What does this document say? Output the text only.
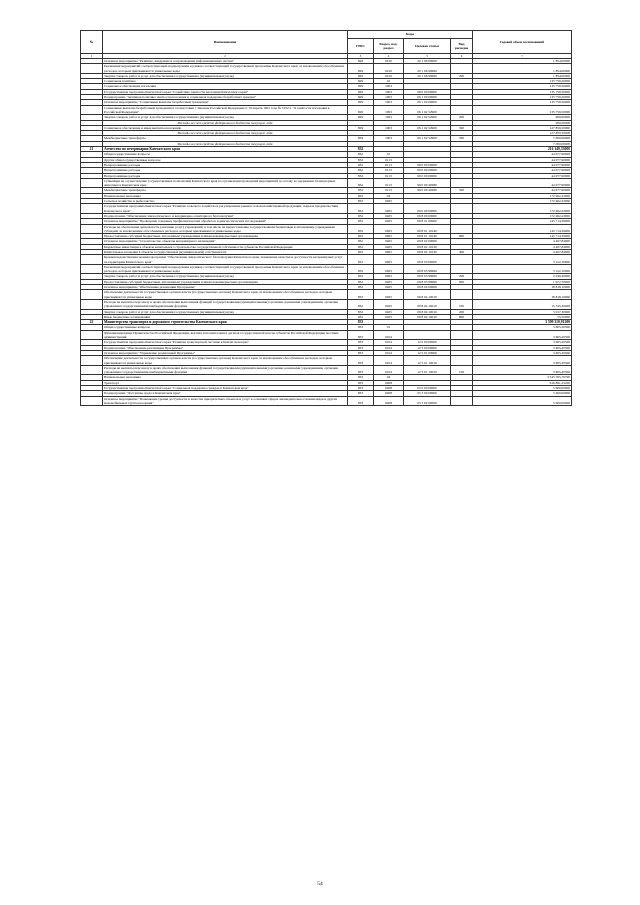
№	Наименование	Коды				Годовой объем ассигнований
		ГРБС	Раздел, под-раздел	Целевая статья	Вид расходов	
1	2	3	4	5	6	7
	Основное мероприятие "Развитие, внедрение и сопровождение информационных систем"	829	0410	20 1 06 00000		1 854,00000
	Реализация мероприятий соответствующей подпрограммы в рамках соответствующей государственной программы Камчатского края, за исключением обособленных расходов, которым присваиваются уникальные коды	829	0410	20 1 06 99990		1 854,00000
	Закупка товаров, работ и услуг для обеспечения государственных (муниципальных) нужд	829	0410	20 1 06 99990	200	1 854,00000
	Социальная политика	829	10			135 759,50000
	Социальное обеспечение населения	829	1003			135 759,50000
	Государственная программа Камчатского края "Содействие занятости населения Камчатского края"	829	1003	06 0 00 00000		135 759,50000
	Подпрограмма "Активная политика занятости населения и социальная поддержка безработных граждан"	829	1003	06 1 00 00000		135 759,50000
	Основное мероприятие "Социальные выплаты безработным гражданам"	829	1003	06 1 02 00000		135 759,50000
	Социальные выплаты безработным гражданам в соответствии с Законом Российской Федерации от 19 апреля 1991 года № 1032-1 "О занятости населения в Российской Федерации"	829	1003	06 1 02 52900		135 759,50000
	Закупка товаров, работ и услуг для обеспечения государственных (муниципальных) нужд	829	1003	06 1 02 52900	200	900,00000
	Расходы за счет средств федерального бюджета текущего года					900,00000
	Социальное обеспечение и иные выплаты населению	829	1003	06 1 02 52900	300	127 859,50000
	Расходы за счет средств федерального бюджета текущего года					127 859,50000
	Межбюджетные трансферты	829	1003	06 1 02 52900	500	7 000,00000
	Расходы за счет средств федерального бюджета текущего года					7 000,00000
21	Агентство по ветеринарии Камчатского края	832				216 140,33000
	Общегосударственные вопросы	832	01			44 077,90000
	Другие общегосударственные вопросы	832	0113			44 077,90000
	Непрограммные расходы	832	0113	99 0 00 00000		44 077,90000
	Непрограммные расходы	832	0113	99 0 00 00000		44 077,90000
	Непрограммные расходы	832	0113	99 0 00 00000		44 077,90000
	Субвенции на осуществление государственных полномочий Камчатского края по организации проведения мероприятий по отлову и содержанию безнадзорных животных в Камчатском крае	832	0113	99 0 00 40280		44 077,90000
	Межбюджетные трансферты	832	0113	99 0 00 40280	500	44 077,90000
	Национальная экономика	832	04			172 062,43000
	Сельское хозяйство и рыболовство	832	0405			172 062,43000
	Государственная программа Камчатского края "Развитие сельского хозяйства и регулирование рынков сельскохозяйственной продукции, сырья и продовольствия Камчатского края"	832	0405	09 0 00 00000		172 062,43000
	Подпрограмма "Обеспечение эпизоотического и ветеринарно-санитарного благополучия"	832	0405	09 8 00 00000		172 062,43000
	Основное мероприятие "Проведение плановых профилактических обработок и диагностических исследований"	832	0405	09 8 01 00000		145 714,39000
	Расходы на обеспечение деятельности (оказание услуг) учреждений, в том числе на предоставление государственным бюджетным и автономным учреждениям субсидий, за исключением обособленных расходов, которым присваиваются уникальные коды	832	0405	09 8 01 10140		145 714,39000
	Предоставление субсидий бюджетным, автономным учреждениям и иным некоммерческим организациям	832	0405	09 8 01 10140	600	145 714,39000
	Основное мероприятие "Строительство объектов ветеринарного назначения"	832	0405	09 8 02 00000		4 407,84000
	Бюджетные инвестиции в объекты капитального строительства государственной собственности субъектов Российской Федерации	832	0405	09 8 02 10130		4 407,84000
	Капитальные вложения в объекты государственной (муниципальной) собственности	832	0405	09 8 02 10130	400	4 407,84000
	Краевая ведомственная целевая программа "Обеспечение эпизоотического благополучия Камчатского края, повышение качества и доступности ветеринарных услуг на территории Камчатского края"	832	0405	09 8 03 00000		3 122,10000
	Реализация мероприятий соответствующей подпрограммы в рамках соответствующей государственной программы Камчатского края, за исключением обособленных расходов, которым присваиваются уникальные коды	832	0405	09 8 03 99990		3 122,10000
	Закупка товаров, работ и услуг для обеспечения государственных (муниципальных) нужд	832	0405	09 8 03 99990	200	2 049,40000
	Предоставление субсидий бюджетным, автономным учреждениям и иным некоммерческим организациям	832	0405	09 8 03 99990	600	1 072,70000
	Основное мероприятие "Обеспечение реализации Программы"	832	0405	09 8 04 00000		18 818,10000
	Обеспечение деятельности государственных органов власти (государственных органов) Камчатского края, за исключением обособленных расходов, которым присваиваются уникальные коды	832	0405	09 8 04 10010		18 818,10000
	Расходы на выплаты персоналу в целях обеспечения выполнения функций государственными (муниципальными) органами, казенными учреждениями, органами управления государственными внебюджетными фондами	832	0405	09 8 04 10010	100	15 745,30000
	Закупка товаров, работ и услуг для обеспечения государственных (муниципальных) нужд	832	0405	09 8 04 10010	200	3 017,30000
	Иные бюджетные ассигнования	832	0405	09 8 04 10010	800	55,50000
22	Министерство транспорта и дорожного строительства Камчатского края	833				3 599 310,91200
	Общегосударственные вопросы	833	01			3 605,20500
	Функционирование Правительства Российской Федерации, высших исполнительных органов государственной власти субъектов Российской Федерации, местных администраций	833	0104			3 605,20500
	Государственная программа Камчатского края "Развитие транспортной системы в Камчатском крае"	833	0104	12 0 00 00000		3 605,20500
	Подпрограмма "Обеспечение реализации Программы"	833	0104	12 5 00 00000		3 605,20500
	Основное мероприятие "Управление реализацией Программы"	833	0104	12 5 01 00000		3 605,20500
	Обеспечение деятельности государственных органов власти (государственных органов) Камчатского края, за исключением обособленных расходов, которым присваиваются уникальные коды	833	0104	12 5 01 10010		3 605,20500
	Расходы на выплаты персоналу в целях обеспечения выполнения функций государственными (муниципальными) органами, казенными учреждениями, органами управления государственными внебюджетными фондами	833	0104	12 5 01 10010	100	3 605,20500
	Национальная экономика	833	04			3 545 705,70700
	Транспорт	833	0408			616 891,25200
	Государственная программа Камчатского края "Социальная поддержка граждан в Камчатском крае"	833	0408	05 0 00 00000		5 600,00000
	Подпрограмма "Доступная среда в Камчатском крае"	833	0408	05 3 00 00000		5 600,00000
	Основное мероприятие "Повышение уровня доступности и качества приоритетных объектов и услуг в основных сферах жизнедеятельности инвалидов и других маломобильных групп населения"	833	0408	05 3 02 00000		5 600,00000
54
